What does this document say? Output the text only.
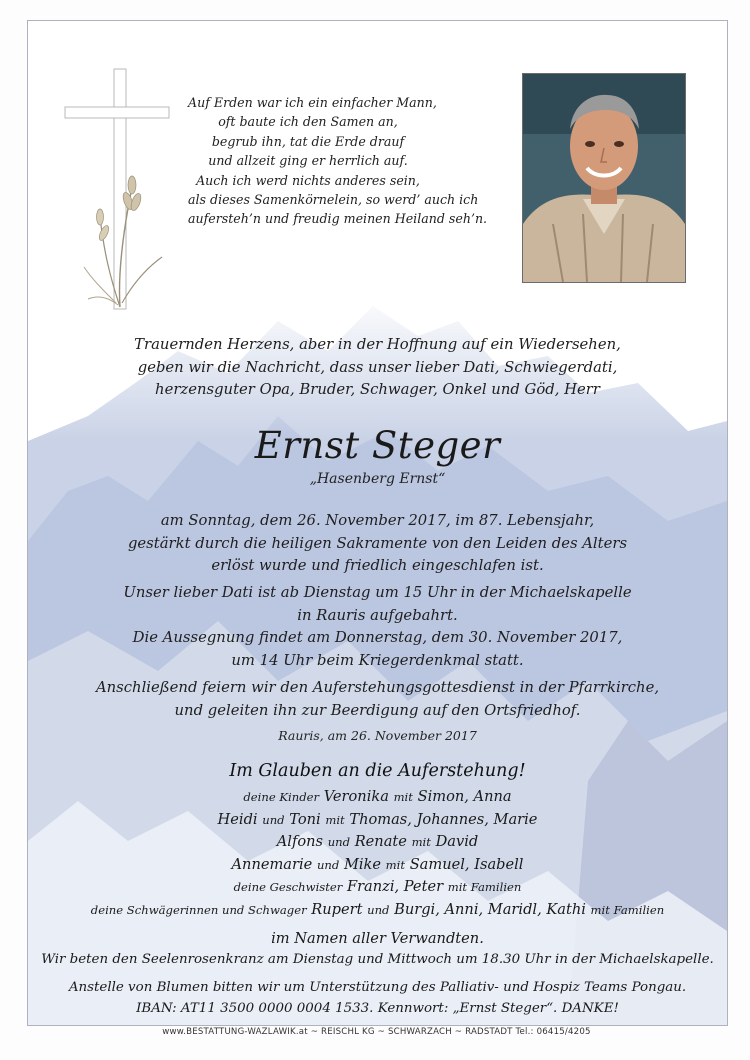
Auf Erden war ich ein einfacher Mann,
oft baute ich den Samen an,
begrub ihn, tat die Erde drauf
und allzeit ging er herrlich auf.
Auch ich werd nichts anderes sein,
als dieses Samenkörnelein, so werd’ auch ich
aufersteh’n und freudig meinen Heiland seh’n.
Trauernden Herzens, aber in der Hoffnung auf ein Wiedersehen,
geben wir die Nachricht, dass unser lieber Dati, Schwiegerdati,
herzensguter Opa, Bruder, Schwager, Onkel und Göd, Herr
Ernst Steger
„Hasenberg Ernst“
am Sonntag, dem 26. November 2017, im 87. Lebensjahr,
gestärkt durch die heiligen Sakramente von den Leiden des Alters
erlöst wurde und friedlich eingeschlafen ist.
Unser lieber Dati ist ab Dienstag um 15 Uhr in der Michaelskapelle
in Rauris aufgebahrt.
Die Aussegnung findet am Donnerstag, dem 30. November 2017,
um 14 Uhr beim Kriegerdenkmal statt.
Anschließend feiern wir den Auferstehungsgottesdienst in der Pfarrkirche,
und geleiten ihn zur Beerdigung auf den Ortsfriedhof.
Rauris, am 26. November 2017
Im Glauben an die Auferstehung!
deine Kinder Veronika mit Simon, Anna
Heidi und Toni mit Thomas, Johannes, Marie
Alfons und Renate mit David
Annemarie und Mike mit Samuel, Isabell
deine Geschwister Franzi, Peter mit Familien
deine Schwägerinnen und Schwager Rupert und Burgi, Anni, Maridl, Kathi mit Familien
im Namen aller Verwandten.
Wir beten den Seelenrosenkranz am Dienstag und Mittwoch um 18.30 Uhr in der Michaelskapelle.
Anstelle von Blumen bitten wir um Unterstützung des Palliativ- und Hospiz Teams Pongau.
IBAN: AT11 3500 0000 0004 1533. Kennwort: „Ernst Steger“. DANKE!
www.BESTATTUNG-WAZLAWIK.at ~ REISCHL KG ~ SCHWARZACH ~ RADSTADT Tel.: 06415/4205
